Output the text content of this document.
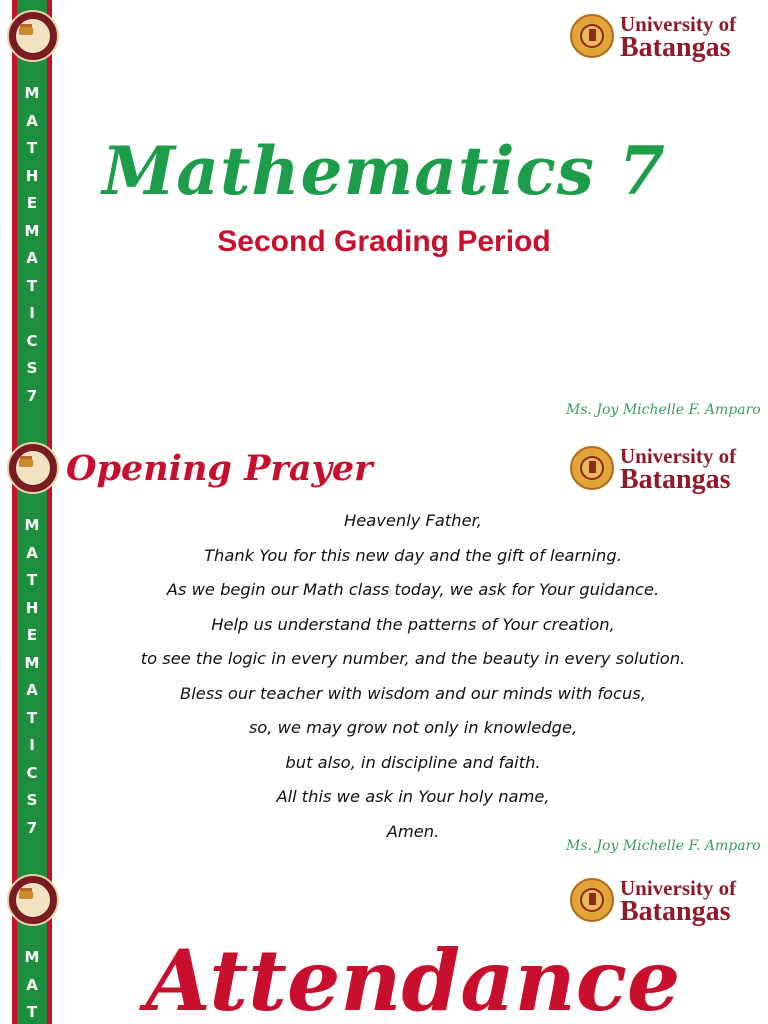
M
A
T
H
E
M
A
T
I
C
S
7
University of
Batangas
Mathematics 7
Second Grading Period
Ms. Joy Michelle F. Amparo
M
A
T
H
E
M
A
T
I
C
S
7
University of
Batangas
Opening Prayer
Heavenly Father,
Thank You for this new day and the gift of learning.
As we begin our Math class today, we ask for Your guidance.
Help us understand the patterns of Your creation,
to see the logic in every number, and the beauty in every solution.
Bless our teacher with wisdom and our minds with focus,
so, we may grow not only in knowledge,
but also, in discipline and faith.
All this we ask in Your holy name,
Amen.
Ms. Joy Michelle F. Amparo
M
A
T
University of
Batangas
Attendance
